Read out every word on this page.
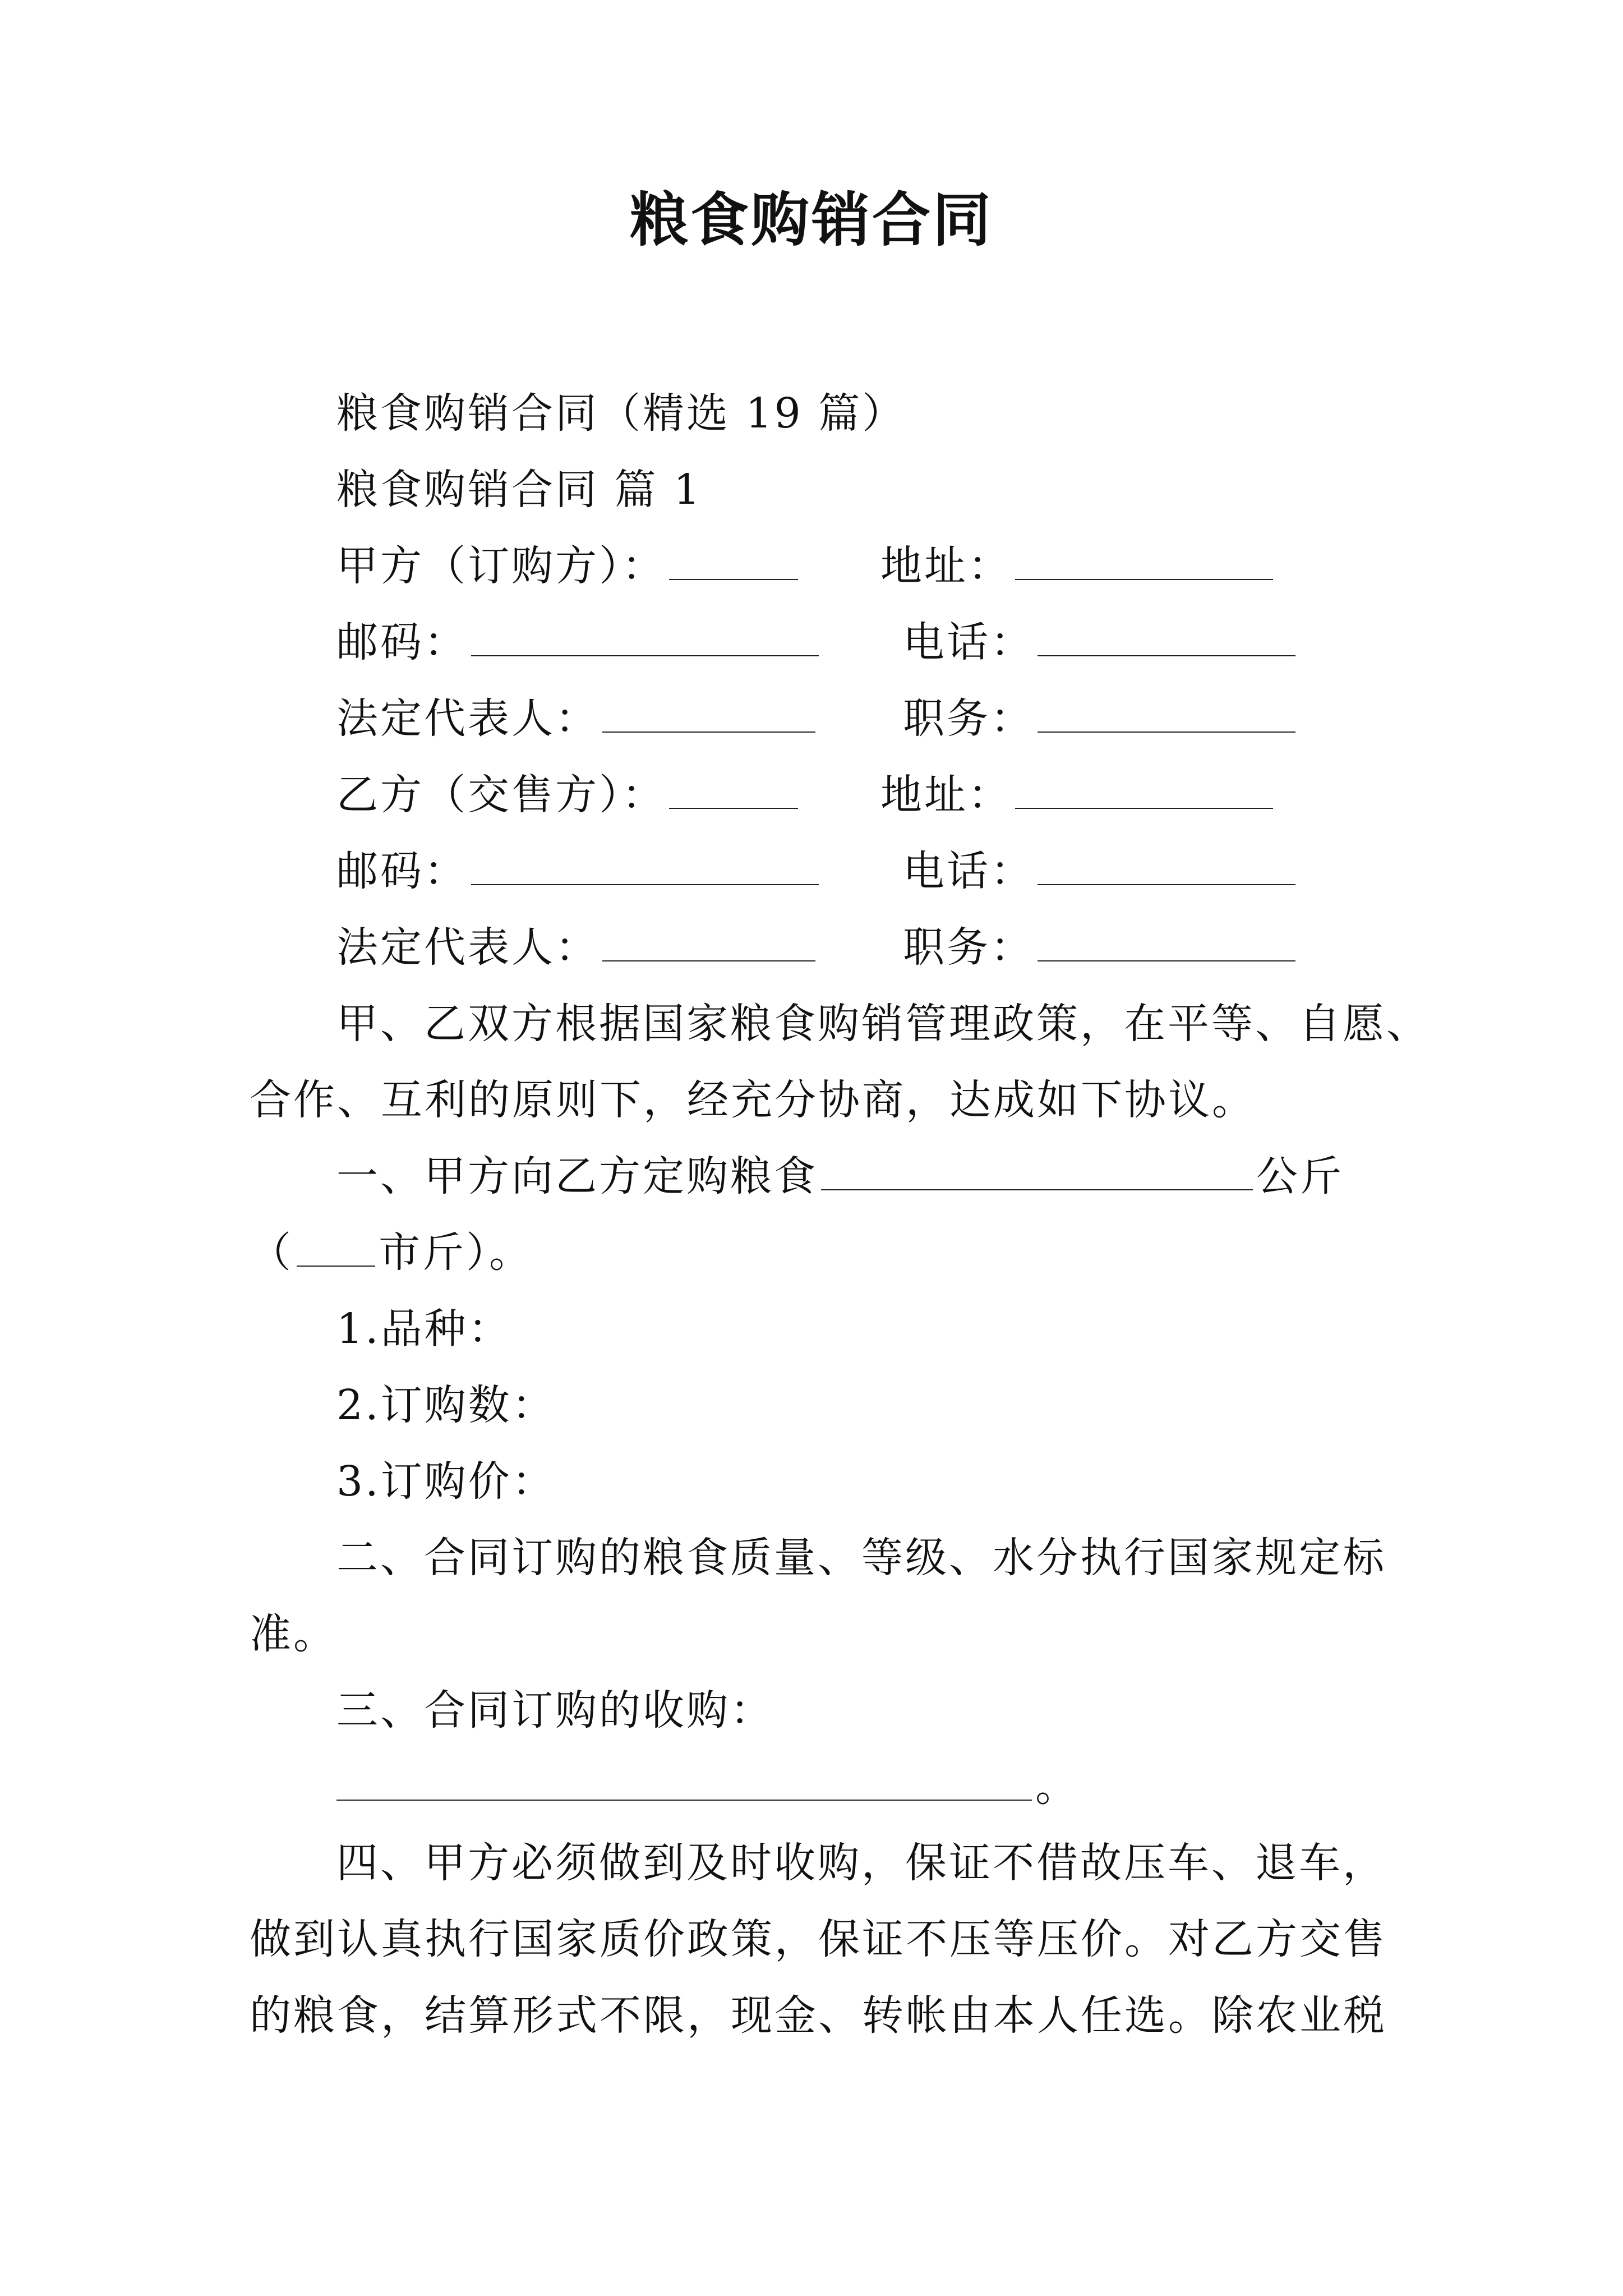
粮食购销合同
粮食购销合同（精选 19 篇）
粮食购销合同 篇 1
甲方（订购方）：	地址：
邮码：	电话：
法定代表人：	职务：
乙方（交售方）：	地址：
邮码：	电话：
法定代表人：	职务：
甲、乙双方根据国家粮食购销管理政策，在平等、自愿、
合作、互利的原则下，经充分协商，达成如下协议。
一、甲方向乙方定购粮食	公斤
（ 市斤）。
1.品种：
2.订购数：
3.订购价：
二、合同订购的粮食质量、等级、水分执行国家规定标
准。
三、合同订购的收购：
。
四、甲方必须做到及时收购，保证不借故压车、退车，
做到认真执行国家质价政策，保证不压等压价。对乙方交售
的粮食，结算形式不限，现金、转帐由本人任选。除农业税
